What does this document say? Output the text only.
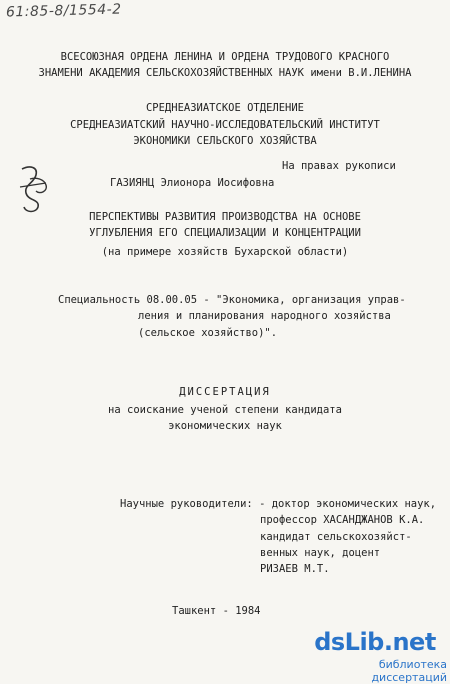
61:85-8/1554-2
ВСЕСОЮЗНАЯ ОРДЕНА ЛЕНИНА И ОРДЕНА ТРУДОВОГО КРАСНОГО
ЗНАМЕНИ АКАДЕМИЯ СЕЛЬСКОХОЗЯЙСТВЕННЫХ НАУК имени В.И.ЛЕНИНА
СРЕДНЕАЗИАТСКОЕ ОТДЕЛЕНИЕ
СРЕДНЕАЗИАТСКИЙ НАУЧНО-ИССЛЕДОВАТЕЛЬСКИЙ ИНСТИТУТ
ЭКОНОМИКИ СЕЛЬСКОГО ХОЗЯЙСТВА
На правах рукописи
ГАЗИЯНЦ Элионора Иосифовна
ПЕРСПЕКТИВЫ РАЗВИТИЯ ПРОИЗВОДСТВА НА ОСНОВЕ
УГЛУБЛЕНИЯ ЕГО СПЕЦИАЛИЗАЦИИ И КОНЦЕНТРАЦИИ
(на примере хозяйств Бухарской области)
Специальность 08.00.05 - "Экономика, организация управ-
ления и планирования народного хозяйства
(сельское хозяйство)".
ДИССЕРТАЦИЯ
на соискание ученой степени кандидата
экономических наук
Научные руководители: - доктор экономических наук,
профессор ХАСАНДЖАНОВ К.А.
кандидат сельскохозяйст-
венных наук, доцент
РИЗАЕВ М.Т.
Ташкент - 1984
dsLib.net
библиотека диссертаций
